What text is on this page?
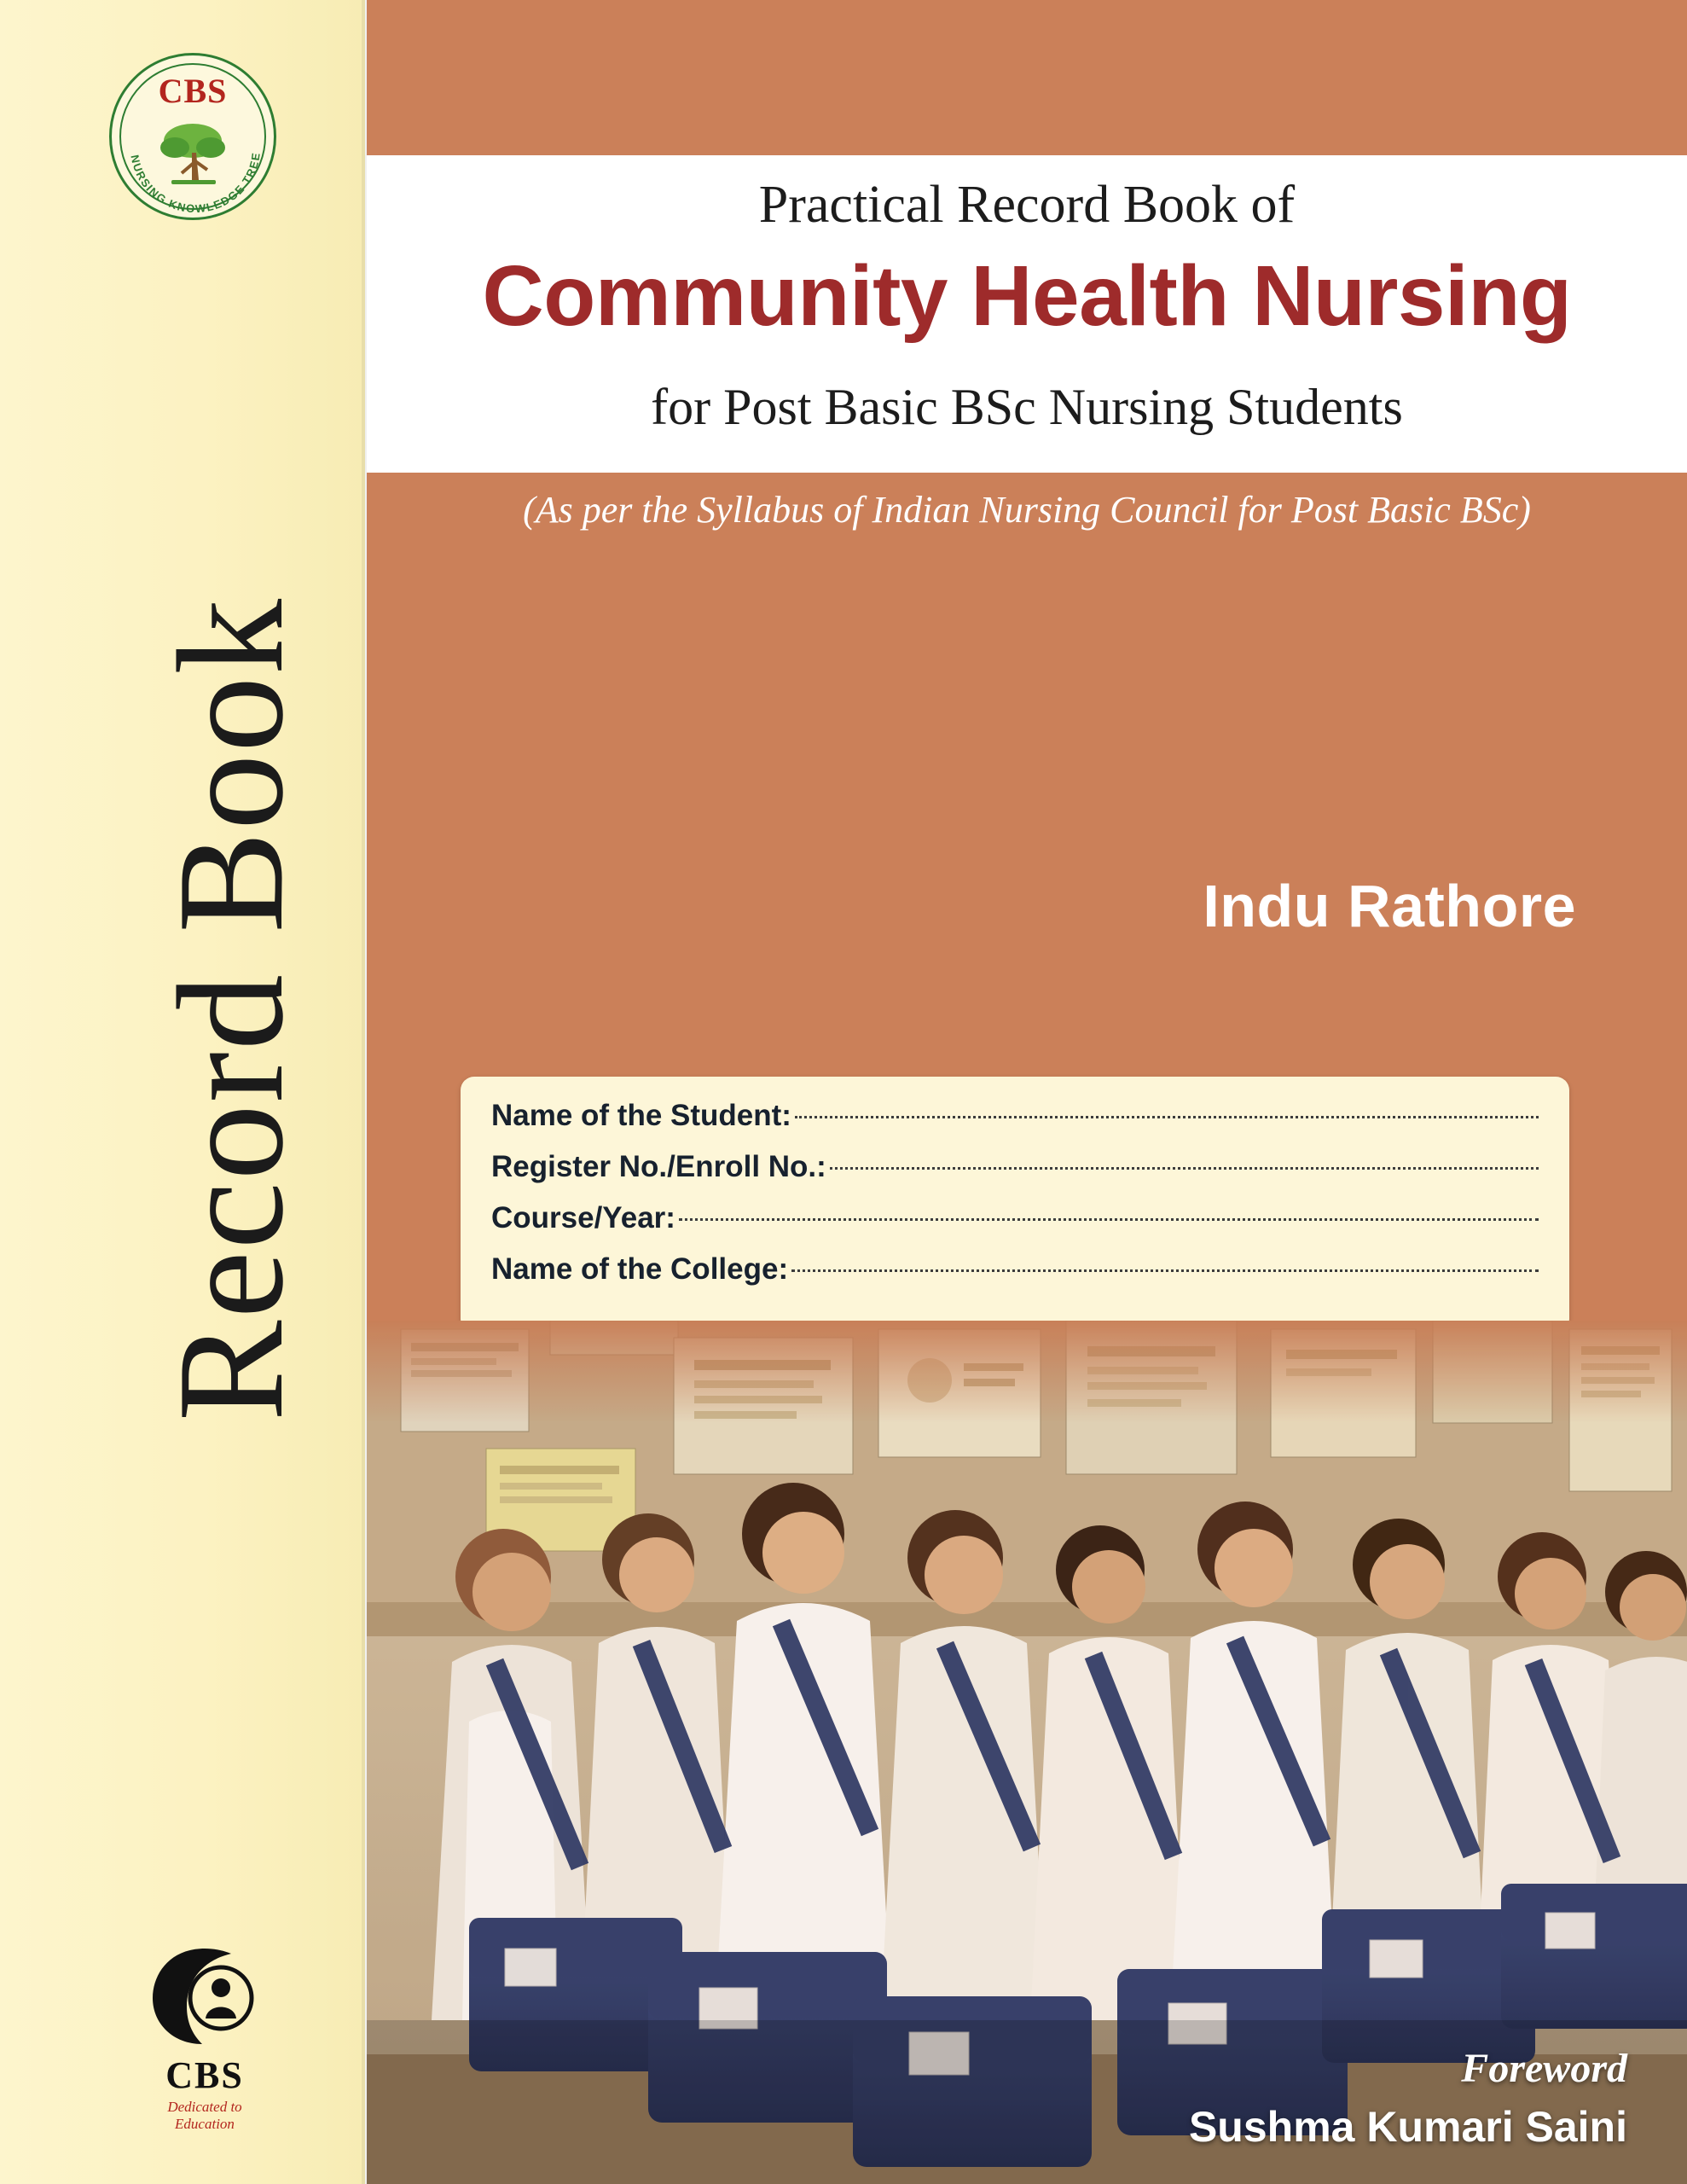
CBS
NURSING KNOWLEDGE TREE
Record Book
CBS
Dedicated to Education
Practical Record Book of
Community Health Nursing
for Post Basic BSc Nursing Students
(As per the Syllabus of Indian Nursing Council for Post Basic BSc)
Indu Rathore
Name of the Student:
Register No./Enroll No.:
Course/Year:
Name of the College:
Foreword
Sushma Kumari Saini
